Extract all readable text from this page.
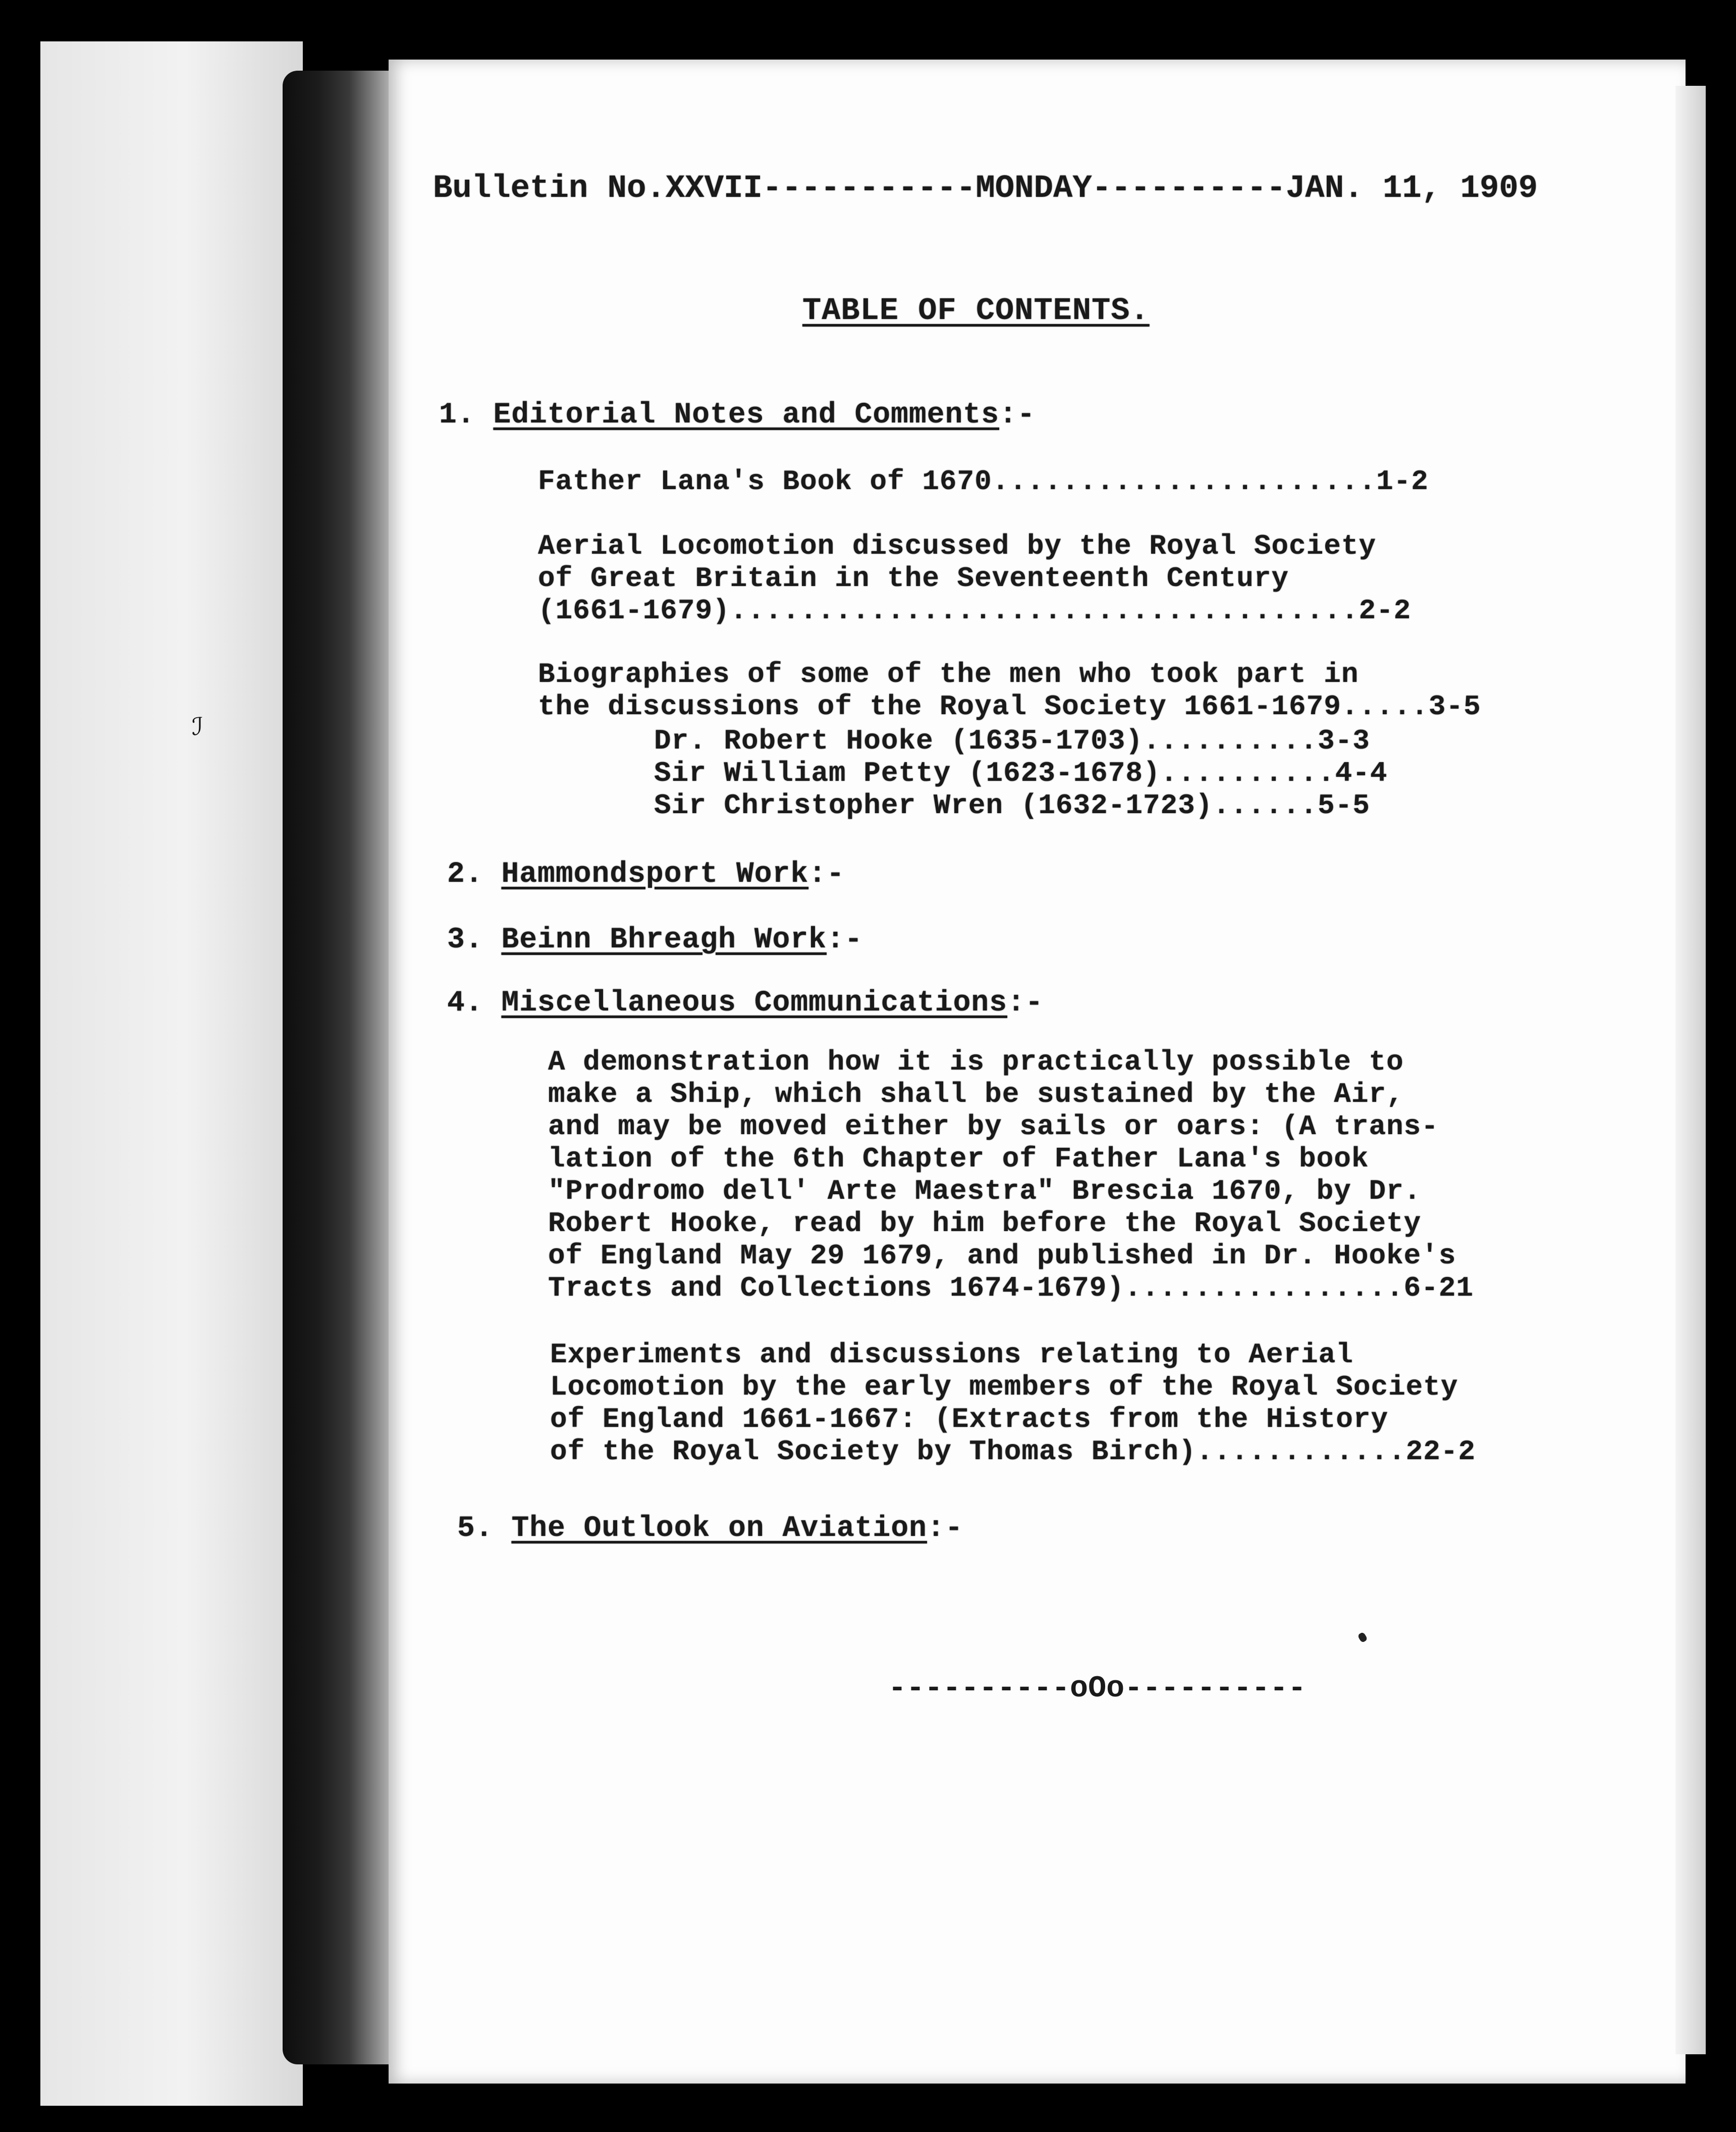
ℐ
Bulletin No.XXVII-----------MONDAY----------JAN. 11, 1909
TABLE OF CONTENTS.
1. Editorial Notes and Comments:-
Father Lana's Book of 1670......................1-2
Aerial Locomotion discussed by the Royal Society
of Great Britain in the Seventeenth Century
(1661-1679)....................................2-2
Biographies of some of the men who took part in
the discussions of the Royal Society 1661-1679.....3-5
Dr. Robert Hooke (1635-1703)..........3-3
Sir William Petty (1623-1678)..........4-4
Sir Christopher Wren (1632-1723)......5-5
2. Hammondsport Work:-
3. Beinn Bhreagh Work:-
4. Miscellaneous Communications:-
A demonstration how it is practically possible to
make a Ship, which shall be sustained by the Air,
and may be moved either by sails or oars: (A trans-
lation of the 6th Chapter of Father Lana's book
"Prodromo dell' Arte Maestra" Brescia 1670, by Dr.
Robert Hooke, read by him before the Royal Society
of England May 29 1679, and published in Dr. Hooke's
Tracts and Collections 1674-1679)................6-21
Experiments and discussions relating to Aerial
Locomotion by the early members of the Royal Society
of England 1661-1667: (Extracts from the History
of the Royal Society by Thomas Birch)............22-2
5. The Outlook on Aviation:-
----------oOo----------
